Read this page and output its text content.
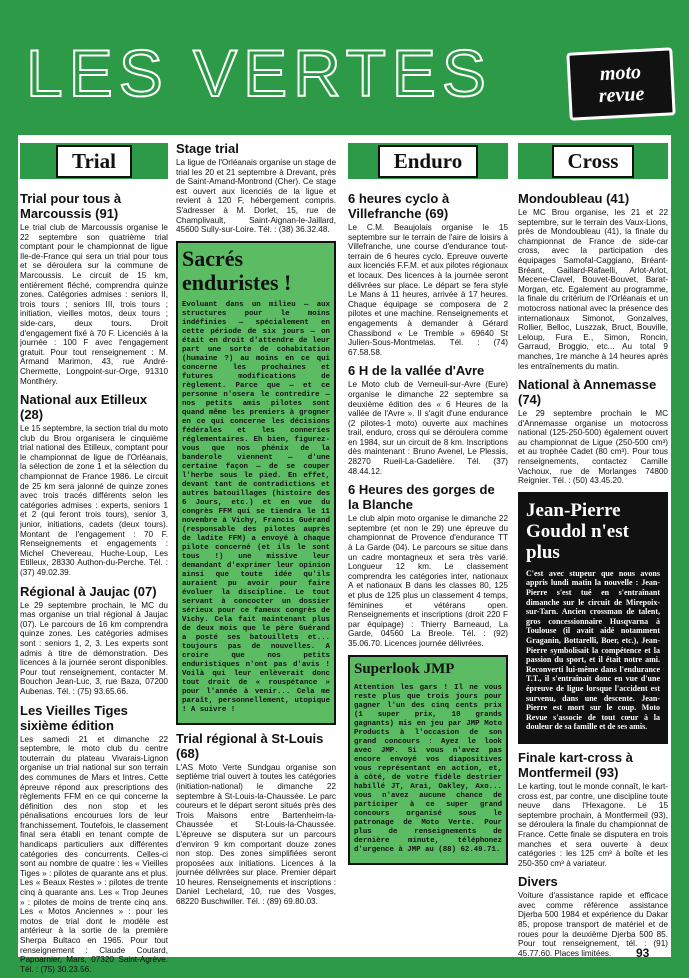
LES VERTES	moto
revue
Trial
Trial pour tous à Marcoussis (91)

Le trial club de Marcoussis organise le 22 septembre son quatrième trial comptant pour le championnat de ligue Ile-de-France qui sera un trial pour tous et se déroulera sur la commune de Marcoussis. Le circuit de 15 km, entièrement fléché, comprendra quinze zones. Catégories admises : seniors II, trois tours ; seniors III, trois tours ; initiation, vieilles motos, deux tours ; side-cars, deux tours. Droit d'engagement fixé à 70 F. Licenciés à la journée : 100 F avec l'engagement gratuit. Pour tout renseignement : M. Armand Marimon, 43, rue André-Chermette, Longpoint-sur-Orge, 91310 Montlhéry.

National aux Etilleux (28)

Le 15 septembre, la section trial du moto club du Brou organisera le cinquième trial national des Etilleux, comptant pour le championnat de ligue de l'Orléanais, la sélection de zone 1 et la sélection du championnat de France 1986. Le circuit de 25 km sera jalonné de quinze zones avec trois tracés différents selon les catégories admises : experts, seniors 1 et 2 (qui feront trois tours), senior 3, junior, initiations, cadets (deux tours). Montant de l'engagement : 70 F. Renseignements et engagements : Michel Chevereau, Huche-Loup, Les Etilleux, 28330 Authon-du-Perche. Tél. : (37) 49.02.39.

Régional à Jaujac (07)

Le 29 septembre prochain, le MC du mas organise un trial régional à Jaujac (07). Le parcours de 16 km comprendra quinze zones. Les catégories admises sont : seniors 1, 2, 3. Les experts sont admis à titre de démonstration. Des licences à la journée seront disponibles. Pour tout renseignement, contacter M. Bouchon Jean-Luc, 3, rue Baza, 07200 Aubenas. Tél. : (75) 93.65.66.

Les Vieilles Tiges sixième édition

Les samedi 21 et dimanche 22 septembre, le moto club du centre touterrain du plateau Vivarais-Lignon organise un trial national sur son terrain des communes de Mars et Intres. Cette épreuve répond aux prescriptions des règlements FFM en ce qui concerne la définition des non stop et les pénalisations encourues lors de leur franchissement. Toutefois, le classement final sera établi en tenant compte de handicaps particuliers aux différentes catégories des concurrents. Celles-ci sont au nombre de quatre : les « Vieilles Tiges » : pilotes de quarante ans et plus. Les « Beaux Restes » : pilotes de trente cinq à quarante ans. Les « Trop Jeunes » : pilotes de moins de trente cinq ans. Les « Motos Anciennes » : pour les motos de trial dont le modèle est antérieur à la sortie de la première Sherpa Bultaco en 1965. Pour tout renseignement : Claude Coutard, Papoarnier, Mars, 07320 Saint-Agrève. Tél. : (75) 30.23.56.

Stage trial

La ligue de l'Orléanais organise un stage de trial les 20 et 21 septembre à Drevant, près de Saint-Amand-Montrond (Cher). Ce stage est ouvert aux licenciés de la ligue et revient à 120 F, hébergement compris. S'adresser à M. Dorlet, 15, rue de Champlivault, Saint-Aignan-le-Jaillard, 45600 Sully-sur-Loire. Tél. : (38) 36.32.48.

Sacrés enduristes !

Evoluant dans un milieu — aux structures pour le moins indéfinies — spécialement en cette période de six jours — on était en droit d'attendre de leur part une sorte de cohabitation (humaine ?) au moins en ce qui concerne les prochaines et futures modifications de règlement. Parce que — et ce personne n'osera le contredire — nos petits amis pilotes sont quand même les premiers à grogner en ce qui concerne les décisions fédérales et les conneries réglementaires. Eh bien, figurez-vous que nos phénix de la banderole viennent — d'une certaine façon — de se couper l'herbe sous le pied. En effet, devant tant de contradictions et autres batouillages (histoire des 6 Jours, etc.) et en vue du congrès FFM qui se tiendra le 11 novembre à Vichy, Francis Guérand (responsable des pilotes auprès de ladite FFM) a envoyé à chaque pilote concerné (et ils le sont tous !) une missive leur demandant d'exprimer leur opinion ainsi que toute idée qu'ils auraient pu avoir pour faire évoluer la discipline. Le tout servant à concocter un dossier sérieux pour ce fameux congrès de Vichy. Cela fait maintenant plus de deux mois que le père Guérand a posté ses batouillets et... toujours pas de nouvelles. A croire que nos petits enduristiques n'ont pas d'avis ! Voilà qui leur enlèverait donc tout droit de « rouspétance » pour l'année à venir... Cela me paraît, personnellement, utopique ! A suivre !

Trial régional à St-Louis (68)

L'AS Moto Verte Sundgau organise son septième trial ouvert à toutes les catégories (initiation-national) le dimanche 22 septembre à St-Louis-la-Chaussée. Le parc coureurs et le départ seront situés près des Trois Maisons entre Bartenheim-la-Chaussée et St-Louis-la-Chaussée. L'épreuve se disputera sur un parcours d'environ 9 km comportant douze zones non stop. Des zones simplifiées seront proposées aux initiations. Licences à la journée délivrées sur place. Premier départ 10 heures. Renseignements et inscriptions : Daniel Lechelard, 10, rue des Vosges, 68220 Buschwiller. Tél. : (89) 69.80.03.

Enduro
6 heures cyclo à Villefranche (69)

Le C.M. Beaujolais organise le 15 septembre sur le terrain de l'aire de loisirs à Villefranche, une course d'endurance tout-terrain de 6 heures cyclo. Epreuve ouverte aux licenciés F.F.M. et aux pilotes régionaux et locaux. Des licences à la journée seront délivrées sur place. Le départ se fera style Le Mans à 11 heures, arrivée à 17 heures. Chaque équipage se composera de 2 pilotes et une machine. Renseignements et engagements à demander à Gérard Chassibond « Le Tremble » 69640 St Julien-Sous-Montmelas. Tél. : (74) 67.58.58.

6 H de la vallée d'Avre

Le Moto club de Verneuil-sur-Avre (Eure) organise le dimanche 22 septembre sa deuxième édition des « 6 Heures de la vallée de l'Avre ». Il s'agit d'une endurance (2 pilotes-1 moto) ouverte aux machines trail, enduro, cross qui se déroulera comme en 1984, sur un circuit de 8 km. Inscriptions dès maintenant : Bruno Avenel, Le Plessis, 28270 Rueil-La-Gadelière. Tél. (37) 48.44.12.

6 Heures des gorges de la Blanche

Le club alpin moto organise le dimanche 22 septembre (et non le 29) une épreuve du championnat de Provence d'endurance TT à La Garde (04). Le parcours se situe dans un cadre montagneux et sera très varié. Longueur 12 km. Le classement comprendra les catégories inter, nationaux A et nationaux B dans les classes 80, 125 et plus de 125 plus un classement 4 temps, féminines et vétérans open. Renseignements et inscriptions (droit 220 F par équipage) : Thierry Barneaud, La Garde, 04560 La Breole. Tél. : (92) 35.06.70. Licences journée délivrées.

Superlook JMP

Attention les gars ! Il ne vous reste plus que trois jours pour gagner l'un des cinq cents prix (1 super prix, 10 grands gagnants) mis en jeu par JMP Moto Products à l'occasion de son grand concours : Ayez le look avec JMP. Si vous n'avez pas encore envoyé vos diapositives vous représentant en action, et, à côté, de votre fidèle destrier habillé JT, Arai, Oakley, Axo... vous n'avez aucune chance de participer à ce super grand concours organisé sous le patronage de Moto Verte. Pour plus de renseignements de dernière minute, téléphonez d'urgence à JMP au (88) 62.49.71.

Cross
Mondoubleau (41)

Le MC Brou organise, les 21 et 22 septembre, sur le terrain des Vaux-Lions, près de Mondoubleau (41), la finale du championnat de France de side-car cross, avec la participation des équipages Samofal-Caggiano, Bréant-Bréant, Gaillard-Rafaelli, Arlot-Arlot, Mecene-Clavel, Bouvet-Bouvet, Barat-Morgan, etc. Egalement au programme, la finale du critérium de l'Orléanais et un motocross national avec la présence des internationaux Simonot, Gonzalves, Rollier, Belloc, Luszzak, Bruct, Bouville, Leloup, Fura E., Simon, Roncin, Garraud, Broggio, etc... Au total 9 manches, 1re manche à 14 heures après les entraînements du matin.

National à Annemasse (74)

Le 29 septembre prochain le MC d'Annemasse organise un motocross national (125-250-500) également ouvert au championnat de Ligue (250-500 cm³) et au trophée Cadet (80 cm³). Pour tous renseignements, contactez Camille Vachoux, rue de Morlanges 74800 Reignier. Tél. : (50) 43.45.20.

Jean-Pierre Goudol n'est plus

C'est avec stupeur que nous avons appris lundi matin la nouvelle : Jean-Pierre s'est tué en s'entraînant dimanche sur le circuit de Mirepoix-sur-Tarn. Ancien crossman de talent, gros concessionnaire Husqvarna à Toulouse (il avait aidé notamment Graganin, Bottarelli, Boer, etc.), Jean-Pierre symbolisait la compétence et la passion du sport, et il était notre ami. Reconverti lui-même dans l'endurance T.T., il s'entraînait donc en vue d'une épreuve de ligue lorsque l'accident est survenu, dans une descente. Jean-Pierre est mort sur le coup. Moto Revue s'associe de tout cœur à la douleur de sa famille et de ses amis.

Finale kart-cross à Montfermeil (93)

Le karting, tout le monde connaît, le kart-cross est, par contre, une discipline toute neuve dans l'Hexagone. Le 15 septembre prochain, à Montfermeil (93), se déroulera la finale du championnat de France. Cette finale se disputera en trois manches et sera ouverte à deux catégories : les 125 cm³ à boîte et les 250-350 cm³ à variateur.

Divers

Voiture d'assistance rapide et efficace avec comme référence assistance Djerba 500 1984 et expérience du Dakar 85, propose transport de matériel et de roues pour la deuxième Djerba 500 85. Pour tout renseignement, tél. : (91) 45.77.60. Places limitées.	93
